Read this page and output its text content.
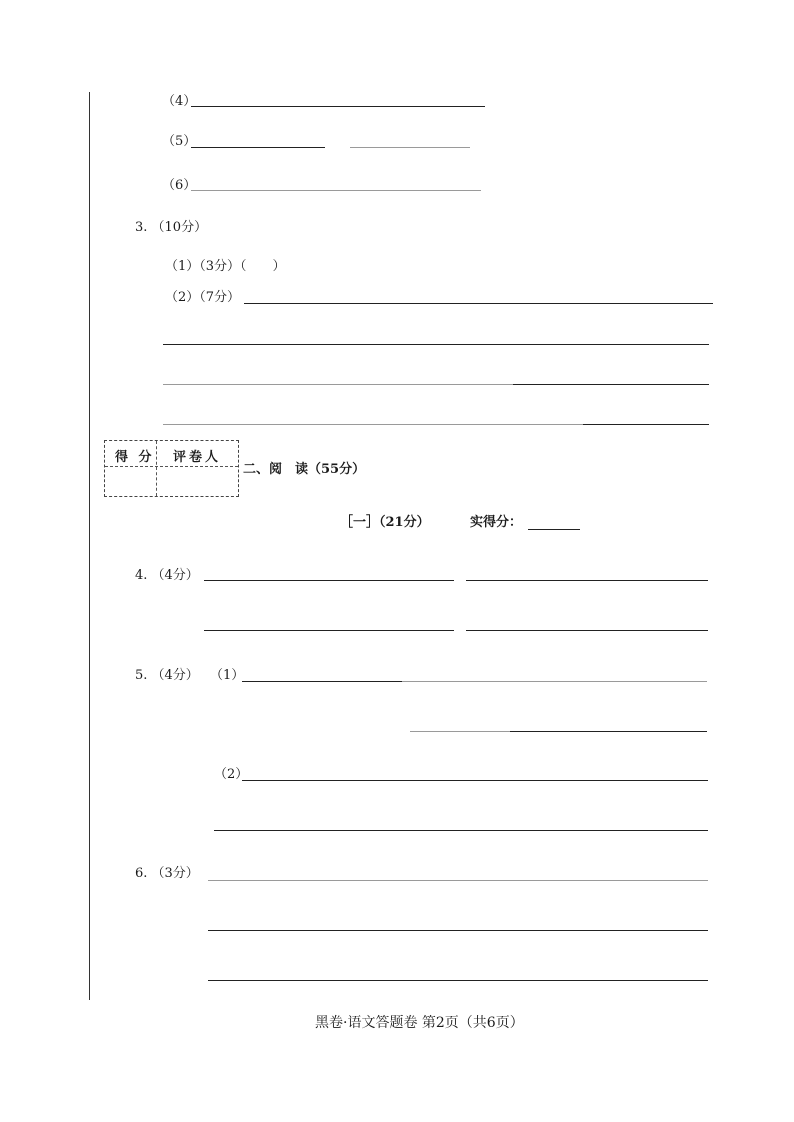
（4）
（5）
（6）
3. （10分）
（1）（3分）（　　）
（2）（7分）
得 分 评卷人
二、阅　读（55分）
［一］（21分）	实得分：
4. （4分）
5. （4分） （1）
（2）
6. （3分）
黑卷·语文答题卷 第2页（共6页）
